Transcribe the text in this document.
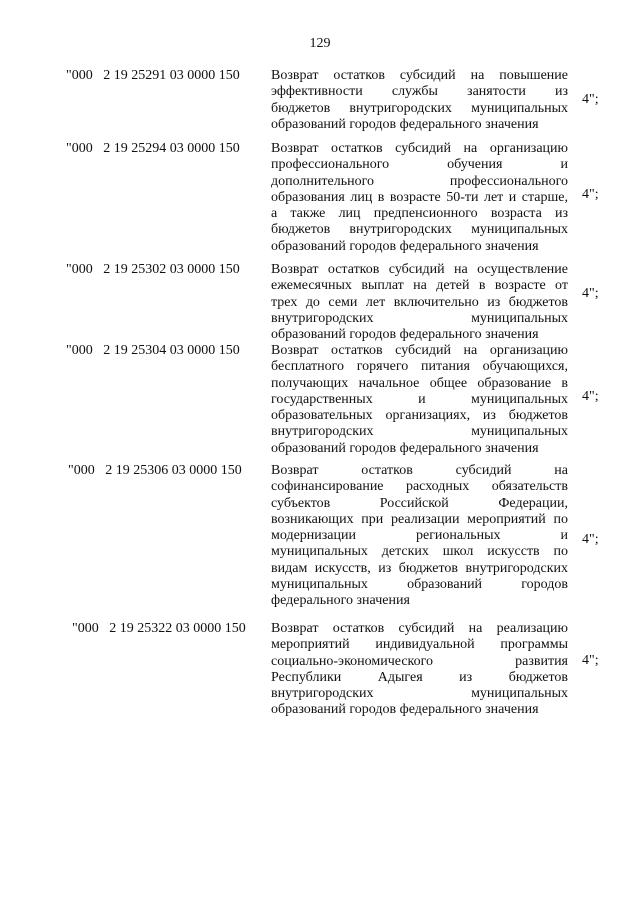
129
"000   2 19 25291 03 0000 150 Возврат остатков субсидий на повышение
эффективности службы занятости из
бюджетов внутригородских муниципальных
образований городов федерального значения
4";
"000   2 19 25294 03 0000 150 Возврат остатков субсидий на организацию
профессионального обучения и
дополнительного профессионального
образования лиц в возрасте 50-ти лет и старше,
а также лиц предпенсионного возраста из
бюджетов внутригородских муниципальных
образований городов федерального значения
4";
"000   2 19 25302 03 0000 150 Возврат остатков субсидий на осуществление
ежемесячных выплат на детей в возрасте от
трех до семи лет включительно из бюджетов
внутригородских муниципальных
образований городов федерального значения
4";
"000   2 19 25304 03 0000 150 Возврат остатков субсидий на организацию
бесплатного горячего питания обучающихся,
получающих начальное общее образование в
государственных и муниципальных
образовательных организациях, из бюджетов
внутригородских муниципальных
образований городов федерального значения
4";
"000   2 19 25306 03 0000 150 Возврат остатков субсидий на
софинансирование расходных обязательств
субъектов Российской Федерации,
возникающих при реализации мероприятий по
модернизации региональных и
муниципальных детских школ искусств по
видам искусств, из бюджетов внутригородских
муниципальных образований городов
федерального значения
4";
"000   2 19 25322 03 0000 150 Возврат остатков субсидий на реализацию
мероприятий индивидуальной программы
социально-экономического развития
Республики Адыгея из бюджетов
внутригородских муниципальных
образований городов федерального значения
4";
